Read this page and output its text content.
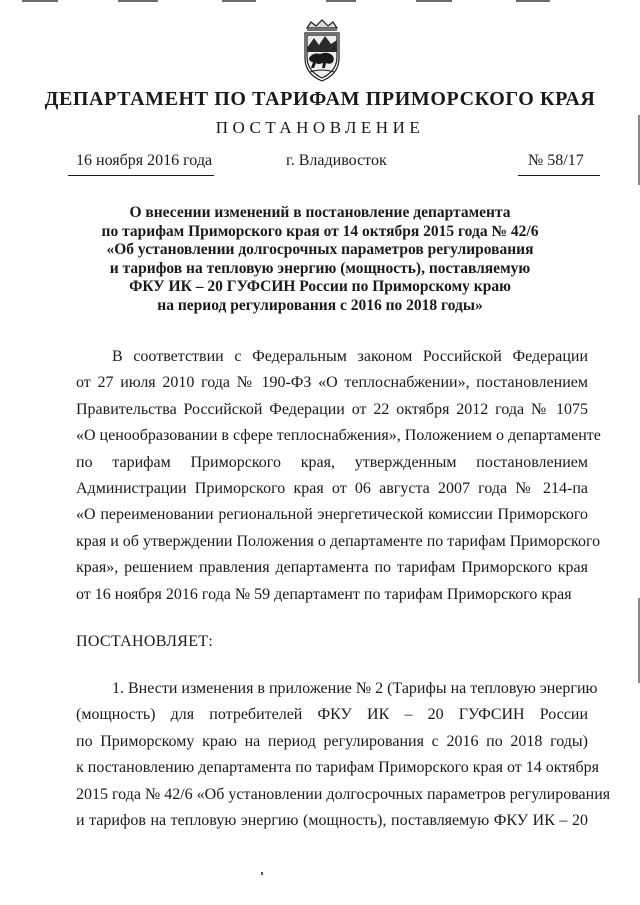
ДЕПАРТАМЕНТ ПО ТАРИФАМ ПРИМОРСКОГО КРАЯ
ПОСТАНОВЛЕНИЕ
16 ноября 2016 года	г. Владивосток	№ 58/17
О внесении изменений в постановление департамента
по тарифам Приморского края от 14 октября 2015 года № 42/6
«Об установлении долгосрочных параметров регулирования
и тарифов на тепловую энергию (мощность), поставляемую
ФКУ ИК – 20 ГУФСИН России по Приморскому краю
на период регулирования с 2016 по 2018 годы»
В соответствии с Федеральным законом Российской Федерации
от 27 июля 2010 года № 190-ФЗ «О теплоснабжении», постановлением
Правительства Российской Федерации от 22 октября 2012 года № 1075
«О ценообразовании в сфере теплоснабжения», Положением о департаменте
по тарифам Приморского края, утвержденным постановлением
Администрации Приморского края от 06 августа 2007 года № 214-па
«О переименовании региональной энергетической комиссии Приморского
края и об утверждении Положения о департаменте по тарифам Приморского
края», решением правления департамента по тарифам Приморского края
от 16 ноября 2016 года № 59 департамент по тарифам Приморского края
ПОСТАНОВЛЯЕТ:
1. Внести изменения в приложение № 2 (Тарифы на тепловую энергию
(мощность) для потребителей ФКУ ИК – 20 ГУФСИН России
по Приморскому краю на период регулирования с 2016 по 2018 годы)
к постановлению департамента по тарифам Приморского края от 14 октября
2015 года № 42/6 «Об установлении долгосрочных параметров регулирования
и тарифов на тепловую энергию (мощность), поставляемую ФКУ ИК – 20
